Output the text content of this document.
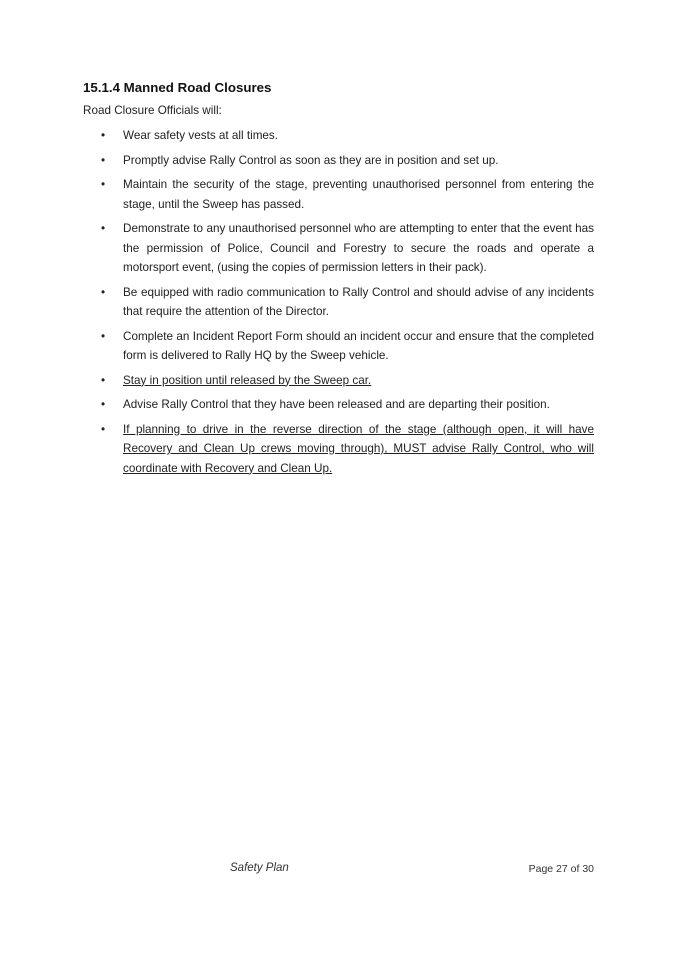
15.1.4 Manned Road Closures

Road Closure Officials will:

• Wear safety vests at all times.
• Promptly advise Rally Control as soon as they are in position and set up.
• Maintain the security of the stage, preventing unauthorised personnel from entering the stage, until the Sweep has passed.
• Demonstrate to any unauthorised personnel who are attempting to enter that the event has the permission of Police, Council and Forestry to secure the roads and operate a motorsport event, (using the copies of permission letters in their pack).
• Be equipped with radio communication to Rally Control and should advise of any incidents that require the attention of the Director.
• Complete an Incident Report Form should an incident occur and ensure that the completed form is delivered to Rally HQ by the Sweep vehicle.
• Stay in position until released by the Sweep car.
• Advise Rally Control that they have been released and are departing their position.
• If planning to drive in the reverse direction of the stage (although open, it will have Recovery and Clean Up crews moving through), MUST advise Rally Control, who will coordinate with Recovery and Clean Up.
Safety Plan	Page 27 of 30
